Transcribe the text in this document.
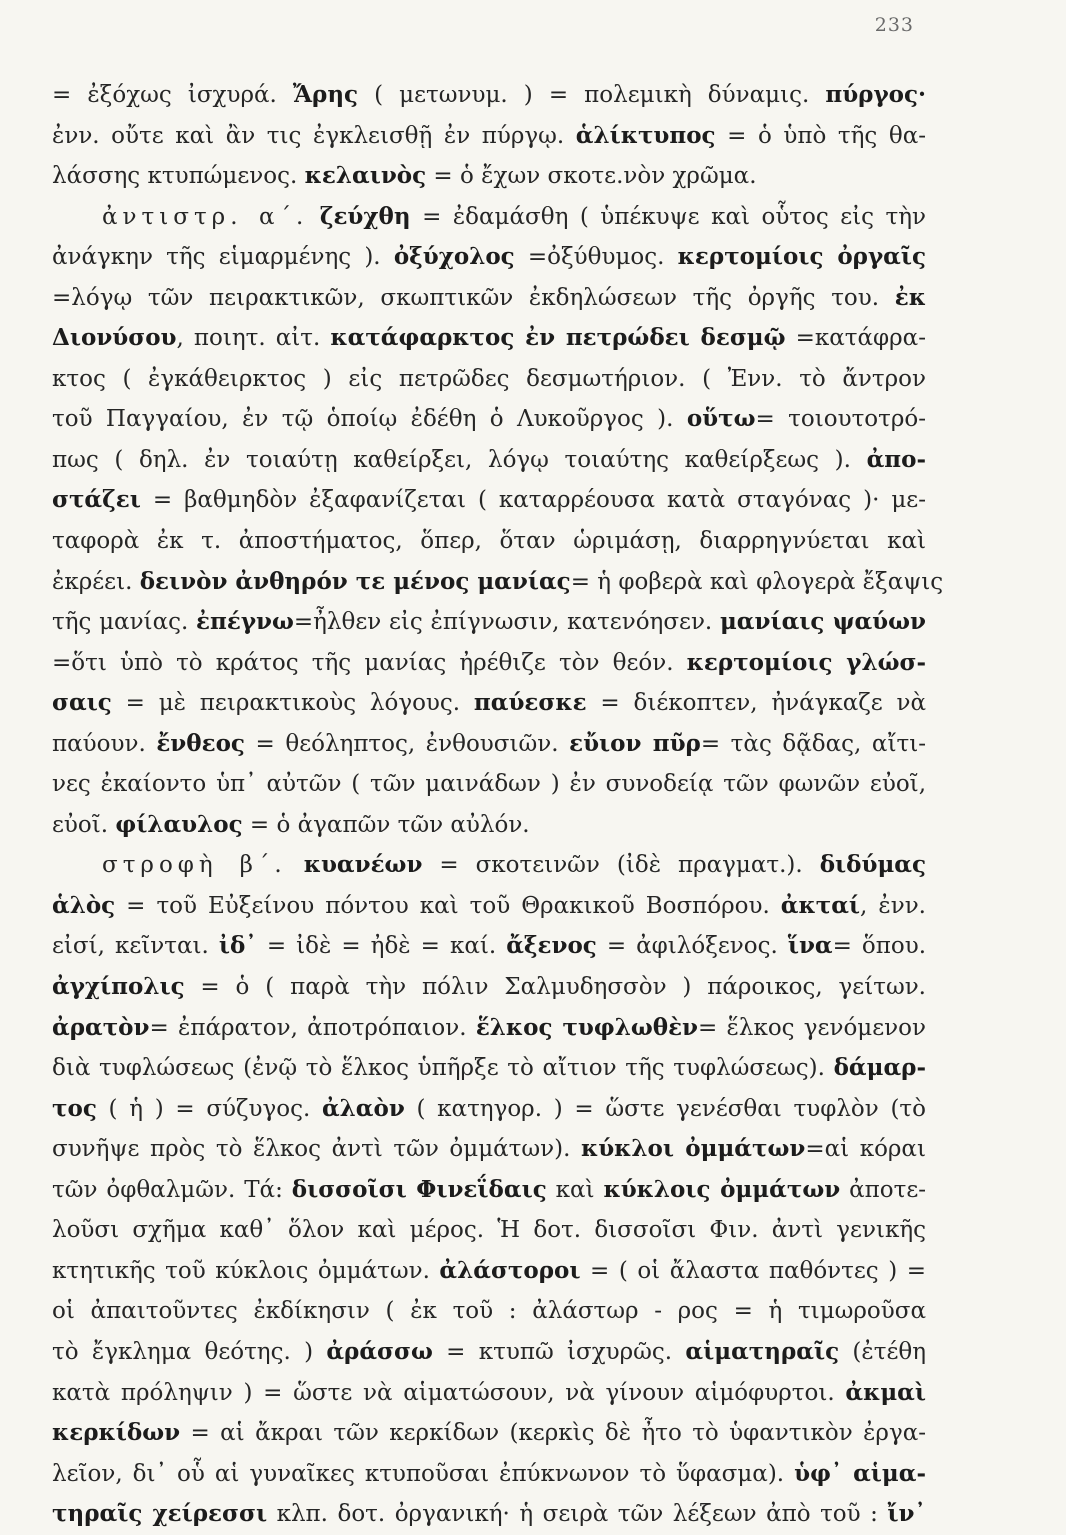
233
= ἐξόχως ἰσχυρά. Ἄρης ( μετωνυμ. ) = πολεμικὴ δύναμις. πύργος·
ἐνν. οὔτε καὶ ἂν τις ἐγκλεισθῇ ἐν πύργῳ. ἁλίκτυπος = ὁ ὑπὸ τῆς θα-
λάσσης κτυπώμενος. κελαινὸς = ὁ ἔχων σκοτε.νὸν χρῶμα.
ἀντιστρ. α΄. ζεύχθη = ἐδαμάσθη ( ὑπέκυψε καὶ οὗτος εἰς τὴν
ἀνάγκην τῆς εἱμαρμένης ). ὀξύχολος =ὀξύθυμος. κερτομίοις ὀργαῖς
=λόγῳ τῶν πειρακτικῶν, σκωπτικῶν ἐκδηλώσεων τῆς ὀργῆς του. ἐκ
Διονύσου, ποιητ. αἰτ. κατάφαρκτος ἐν πετρώδει δεσμῷ =κατάφρα-
κτος ( ἐγκάθειρκτος ) εἰς πετρῶδες δεσμωτήριον. ( Ἐνν. τὸ ἄντρον
τοῦ Παγγαίου, ἐν τῷ ὁποίῳ ἐδέθη ὁ Λυκοῦργος ). οὕτω= τοιουτοτρό-
πως ( δηλ. ἐν τοιαύτῃ καθείρξει, λόγῳ τοιαύτης καθείρξεως ). ἀπο-
στάζει = βαθμηδὸν ἐξαφανίζεται ( καταρρέουσα κατὰ σταγόνας )· με-
ταφορὰ ἐκ τ. ἀποστήματος, ὅπερ, ὅταν ὡριμάσῃ, διαρρηγνύεται καὶ
ἐκρέει. δεινὸν ἀνθηρόν τε μένος μανίας= ἡ φοβερὰ καὶ φλογερὰ ἔξαψις
τῆς μανίας. ἐπέγνω=ἦλθεν εἰς ἐπίγνωσιν, κατενόησεν. μανίαις ψαύων
=ὅτι ὑπὸ τὸ κράτος τῆς μανίας ἠρέθιζε τὸν θεόν. κερτομίοις γλώσ-
σαις = μὲ πειρακτικοὺς λόγους. παύεσκε = διέκοπτεν, ἠνάγκαζε νὰ
παύουν. ἔνθεος = θεόληπτος, ἐνθουσιῶν. εὔιον πῦρ= τὰς δᾷδας, αἴτι-
νες ἐκαίοντο ὑπ᾽ αὐτῶν ( τῶν μαινάδων ) ἐν συνοδείᾳ τῶν φωνῶν εὐοῖ,
εὐοῖ. φίλαυλος = ὁ ἀγαπῶν τῶν αὐλόν.
στροφὴ β΄. κυανέων = σκοτεινῶν (ἰδὲ πραγματ.). διδύμας
ἁλὸς = τοῦ Εὐξείνου πόντου καὶ τοῦ Θρακικοῦ Βοσπόρου. ἀκταί, ἐνν.
εἰσί, κεῖνται. ἰδ᾽ = ἰδὲ = ἠδὲ = καί. ἄξενος = ἀφιλόξενος. ἵνα= ὅπου.
ἀγχίπολις = ὁ ( παρὰ τὴν πόλιν Σαλμυδησσὸν ) πάροικος, γείτων.
ἀρατὸν= ἐπάρατον, ἀποτρόπαιον. ἕλκος τυφλωθὲν= ἕλκος γενόμενον
διὰ τυφλώσεως (ἐνῷ τὸ ἕλκος ὑπῆρξε τὸ αἴτιον τῆς τυφλώσεως). δάμαρ-
τος ( ἡ ) = σύζυγος. ἀλαὸν ( κατηγορ. ) = ὥστε γενέσθαι τυφλὸν (τὸ
συνῆψε πρὸς τὸ ἕλκος ἀντὶ τῶν ὀμμάτων). κύκλοι ὀμμάτων=αἱ κόραι
τῶν ὀφθαλμῶν. Τά: δισσοῖσι Φινεΐδαις καὶ κύκλοις ὀμμάτων ἀποτε-
λοῦσι σχῆμα καθ᾽ ὅλον καὶ μέρος. Ἡ δοτ. δισσοῖσι Φιν. ἀντὶ γενικῆς
κτητικῆς τοῦ κύκλοις ὀμμάτων. ἀλάστοροι = ( οἱ ἄλαστα παθόντες ) =
οἱ ἀπαιτοῦντες ἐκδίκησιν ( ἐκ τοῦ : ἀλάστωρ - ρος = ἡ τιμωροῦσα
τὸ ἔγκλημα θεότης. ) ἀράσσω = κτυπῶ ἰσχυρῶς. αἱματηραῖς (ἐτέθη
κατὰ πρόληψιν ) = ὥστε νὰ αἱματώσουν, νὰ γίνουν αἱμόφυρτοι. ἀκμαὶ
κερκίδων = αἱ ἄκραι τῶν κερκίδων (κερκὶς δὲ ἦτο τὸ ὑφαντικὸν ἐργα-
λεῖον, δι᾽ οὗ αἱ γυναῖκες κτυποῦσαι ἐπύκνωνον τὸ ὕφασμα). ὑφ᾽ αἱμα-
τηραῖς χείρεσσι κλπ. δοτ. ὀργανική· ἡ σειρὰ τῶν λέξεων ἀπὸ τοῦ : ἴν᾽
